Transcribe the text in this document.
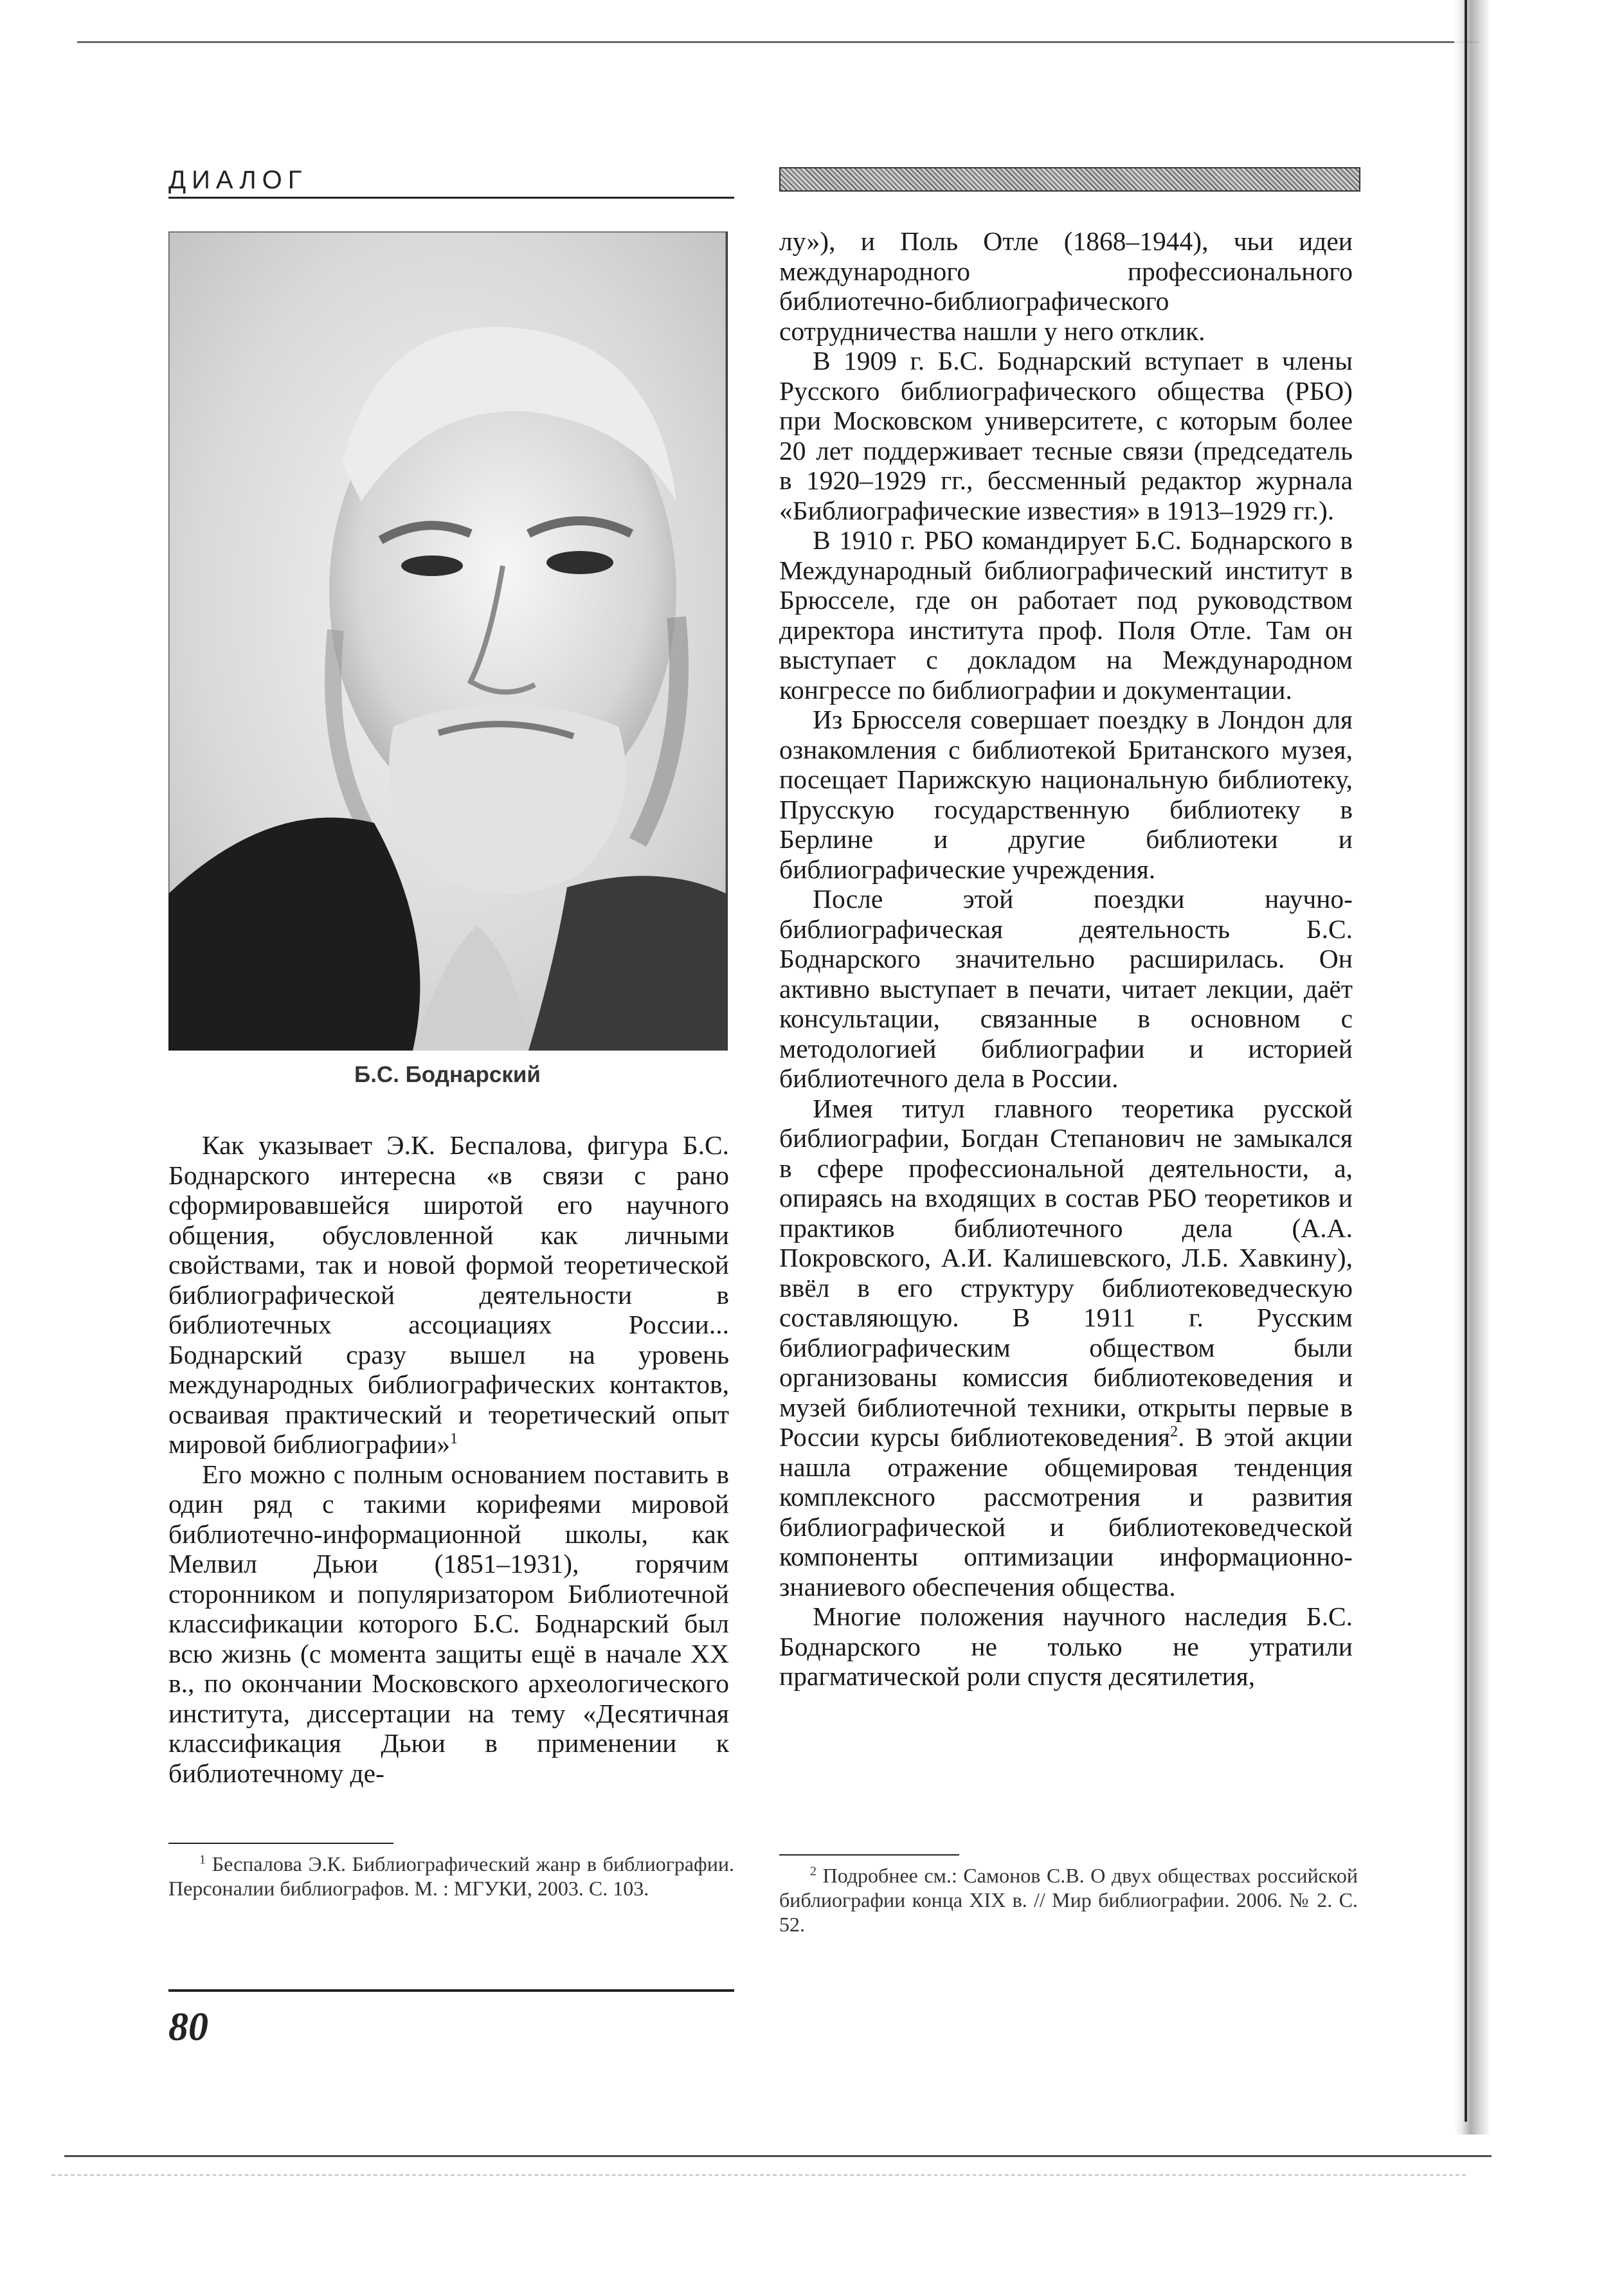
ДИАЛОГ
Б.С. Боднарский

Как указывает Э.К. Беспалова, фигура Б.С. Боднарского интересна «в связи с рано сформировавшейся широтой его научного общения, обусловленной как личными свойствами, так и новой формой теоретической библиографической деятельности в библиотечных ассоциациях России... Боднарский сразу вышел на уровень международных библиографических контактов, осваивая практический и теоретический опыт мировой библиографии»$^1$

Его можно с полным основанием поставить в один ряд с такими корифеями мировой библиотечно-информационной школы, как Мелвил Дьюи (1851–1931), горячим сторонником и популяризатором Библиотечной классификации которого Б.С. Боднарский был всю жизнь (с момента защиты ещё в начале XX в., по окончании Московского археологического института, диссертации на тему «Десятичная классификация Дьюи в применении к библиотечному де-

лу»), и Поль Отле (1868–1944), чьи идеи международного профессионального библиотечно-библиографического сотрудничества нашли у него отклик.

В 1909 г. Б.С. Боднарский вступает в члены Русского библиографического общества (РБО) при Московском университете, с которым более 20 лет поддерживает тесные связи (председатель в 1920–1929 гг., бессменный редактор журнала «Библиографические известия» в 1913–1929 гг.).

В 1910 г. РБО командирует Б.С. Боднарского в Международный библиографический институт в Брюсселе, где он работает под руководством директора института проф. Поля Отле. Там он выступает с докладом на Международном конгрессе по библиографии и документации.

Из Брюсселя совершает поездку в Лондон для ознакомления с библиотекой Британского музея, посещает Парижскую национальную библиотеку, Прусскую государственную библиотеку в Берлине и другие библиотеки и библиографические учреждения.

После этой поездки научно-библиографическая деятельность Б.С. Боднарского значительно расширилась. Он активно выступает в печати, читает лекции, даёт консультации, связанные в основном с методологией библиографии и историей библиотечного дела в России.

Имея титул главного теоретика русской библиографии, Богдан Степанович не замыкался в сфере профессиональной деятельности, а, опираясь на входящих в состав РБО теоретиков и практиков библиотечного дела (А.А. Покровского, А.И. Калишевского, Л.Б. Хавкину), ввёл в его структуру библиотековедческую составляющую. В 1911 г. Русским библиографическим обществом были организованы комиссия библиотековедения и музей библиотечной техники, открыты первые в России курсы библиотековедения$^2$. В этой акции нашла отражение общемировая тенденция комплексного рассмотрения и развития библиографической и библиотековедческой компоненты оптимизации информационно-знаниевого обеспечения общества.

Многие положения научного наследия Б.С. Боднарского не только не утратили прагматической роли спустя десятилетия,

$^1$ Беспалова Э.К. Библиографический жанр в библиографии. Персоналии библиографов. М. : МГУКИ, 2003. С. 103.

$^2$ Подробнее см.: Самонов С.В. О двух обществах российской библиографии конца XIX в. // Мир библиографии. 2006. № 2. С. 52.

80
